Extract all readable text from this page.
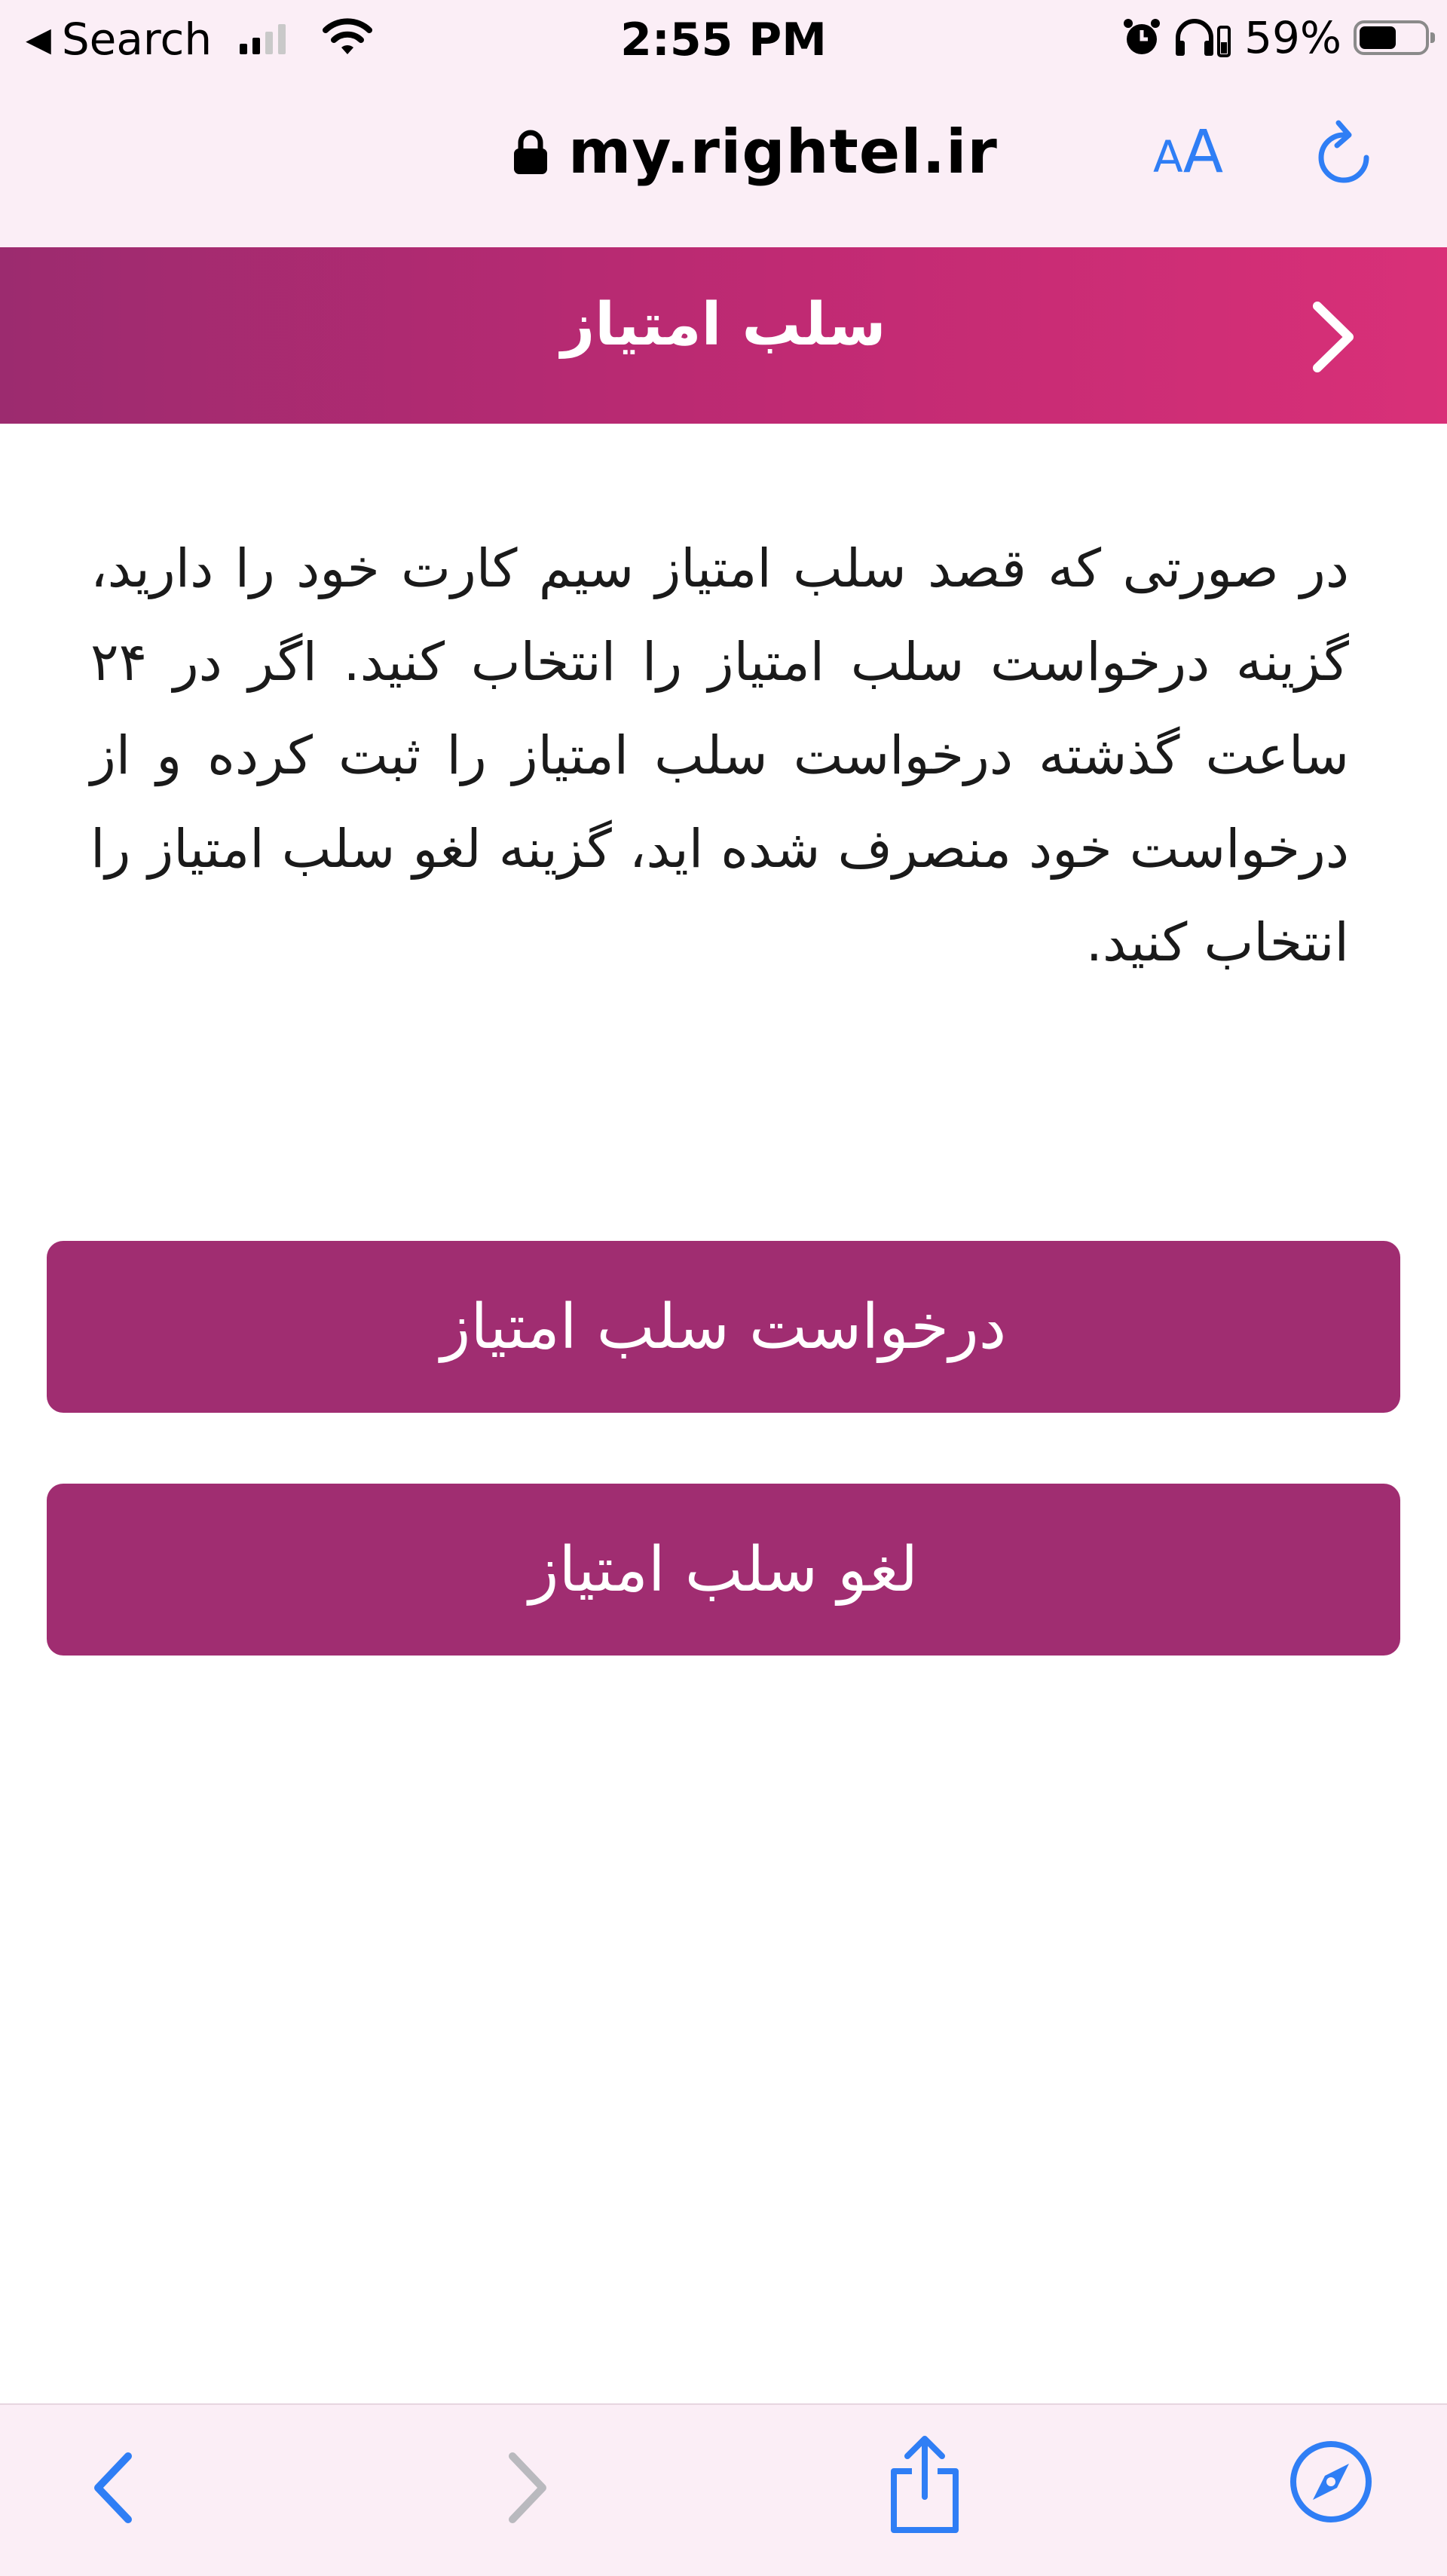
◀ Search	2:55 PM	59%
my.rightel.ir	AA
سلب امتیاز
در صورتی که قصد سلب امتیاز سیم کارت خود را دارید، گزینه درخواست سلب امتیاز را انتخاب کنید. اگر در ۲۴ ساعت گذشته درخواست سلب امتیاز را ثبت کرده و از درخواست خود منصرف شده اید، گزینه لغو سلب امتیاز را انتخاب کنید.
درخواست سلب امتیاز
لغو سلب امتیاز
